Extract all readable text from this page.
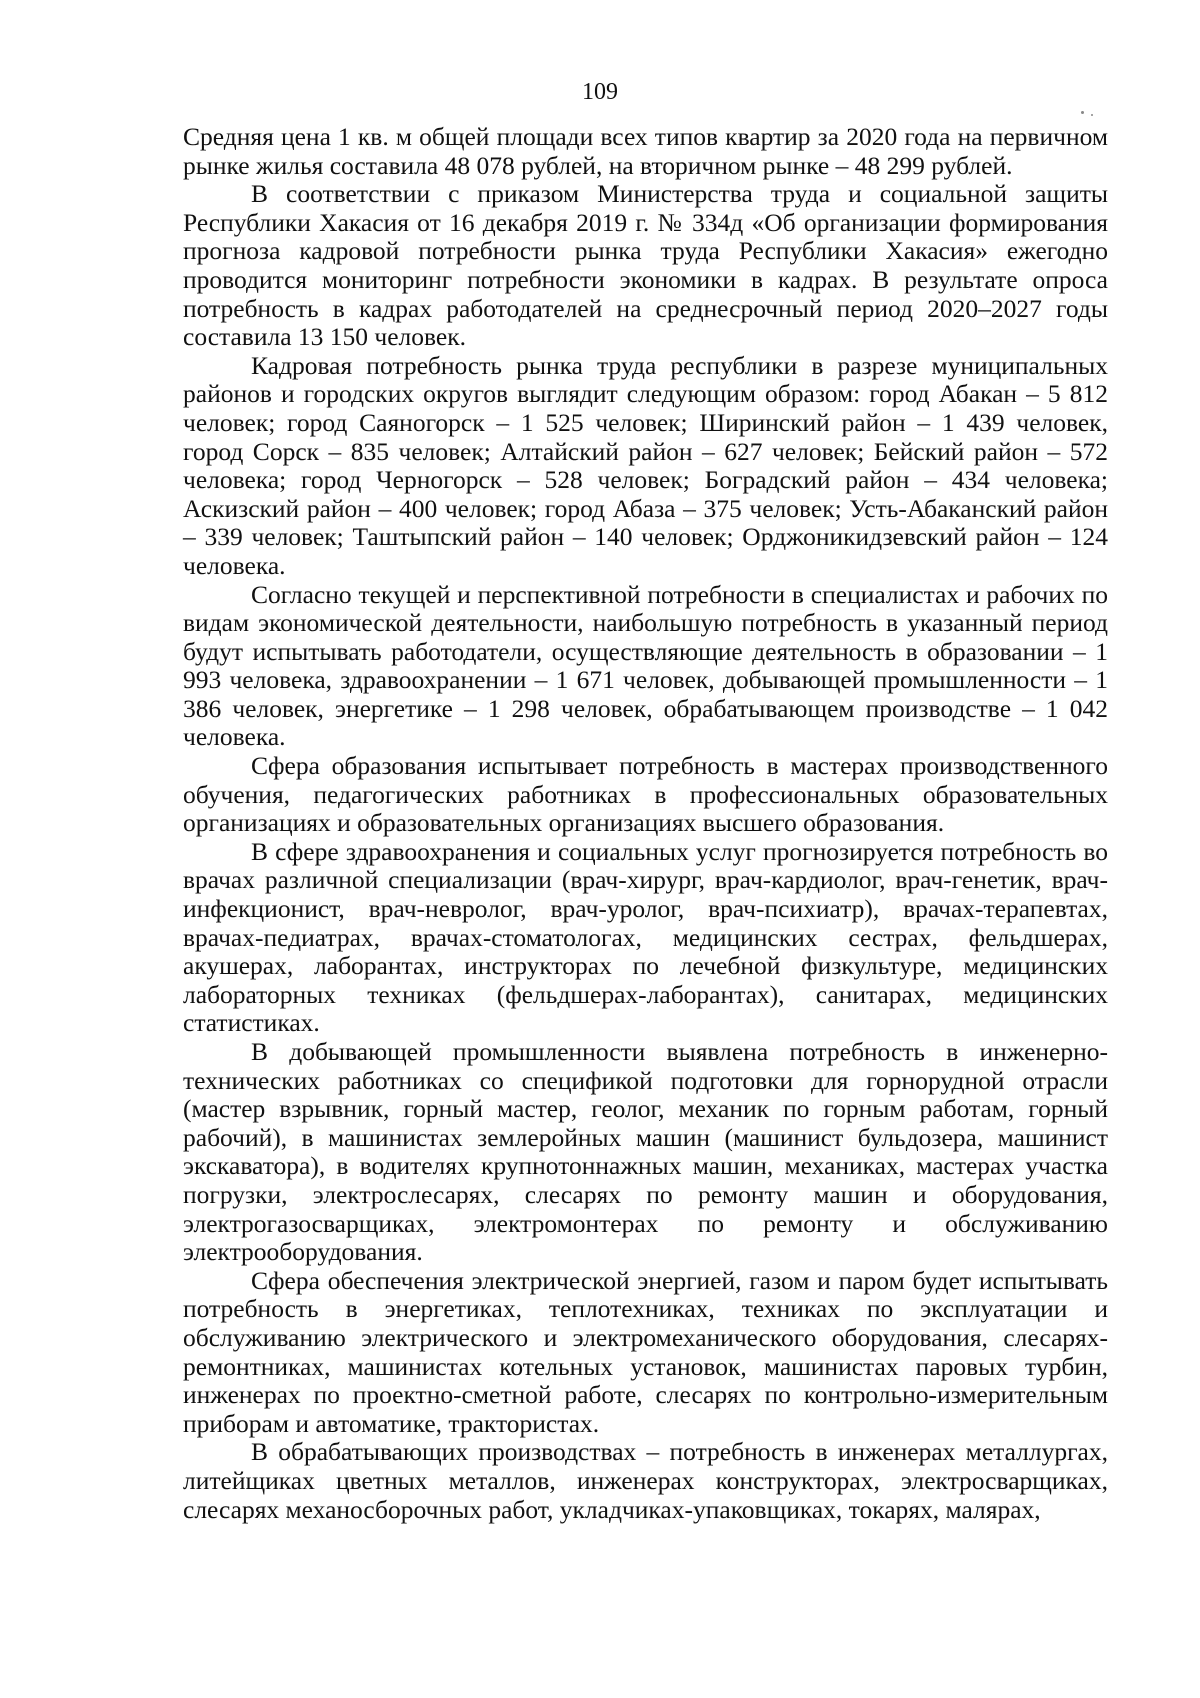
109

Средняя цена 1 кв. м общей площади всех типов квартир за 2020 года на первичном рынке жилья составила 48 078 рублей, на вторичном рынке – 48 299 рублей.

В соответствии с приказом Министерства труда и социальной защиты Республики Хакасия от 16 декабря 2019 г. № 334д «Об организации формирования прогноза кадровой потребности рынка труда Республики Хакасия» ежегодно проводится мониторинг потребности экономики в кадрах. В результате опроса потребность в кадрах работодателей на среднесрочный период 2020–2027 годы составила 13 150 человек.

Кадровая потребность рынка труда республики в разрезе муниципальных районов и городских округов выглядит следующим образом: город Абакан – 5 812 человек; город Саяногорск – 1 525 человек; Ширинский район – 1 439 человек, город Сорск – 835 человек; Алтайский район – 627 человек; Бейский район – 572 человека; город Черногорск – 528 человек; Боградский район – 434 человека; Аскизский район – 400 человек; город Абаза – 375 человек; Усть-Абаканский район – 339 человек; Таштыпский район – 140 человек; Орджоникидзевский район – 124 человека.

Согласно текущей и перспективной потребности в специалистах и рабочих по видам экономической деятельности, наибольшую потребность в указанный период будут испытывать работодатели, осуществляющие деятельность в образовании – 1 993 человека, здравоохранении – 1 671 человек, добывающей промышленности – 1 386 человек, энергетике – 1 298 человек, обрабатывающем производстве – 1 042 человека.

Сфера образования испытывает потребность в мастерах производственного обучения, педагогических работниках в профессиональных образовательных организациях и образовательных организациях высшего образования.

В сфере здравоохранения и социальных услуг прогнозируется потребность во врачах различной специализации (врач-хирург, врач-кардиолог, врач-генетик, врач-инфекционист, врач-невролог, врач-уролог, врач-психиатр), врачах-терапевтах, врачах-педиатрах, врачах-стоматологах, медицинских сестрах, фельдшерах, акушерах, лаборантах, инструкторах по лечебной физкультуре, медицинских лабораторных техниках (фельдшерах-лаборантах), санитарах, медицинских статистиках.

В добывающей промышленности выявлена потребность в инженерно-технических работниках со спецификой подготовки для горнорудной отрасли (мастер взрывник, горный мастер, геолог, механик по горным работам, горный рабочий), в машинистах землеройных машин (машинист бульдозера, машинист экскаватора), в водителях крупнотоннажных машин, механиках, мастерах участка погрузки, электрослесарях, слесарях по ремонту машин и оборудования, электрогазосварщиках, электромонтерах по ремонту и обслуживанию электрооборудования.

Сфера обеспечения электрической энергией, газом и паром будет испытывать потребность в энергетиках, теплотехниках, техниках по эксплуатации и обслуживанию электрического и электромеханического оборудования, слесарях-ремонтниках, машинистах котельных установок, машинистах паровых турбин, инженерах по проектно-сметной работе, слесарях по контрольно-измерительным приборам и автоматике, трактористах.

В обрабатывающих производствах – потребность в инженерах металлургах, литейщиках цветных металлов, инженерах конструкторах, электросварщиках, слесарях механосборочных работ, укладчиках-упаковщиках, токарях, малярах,
